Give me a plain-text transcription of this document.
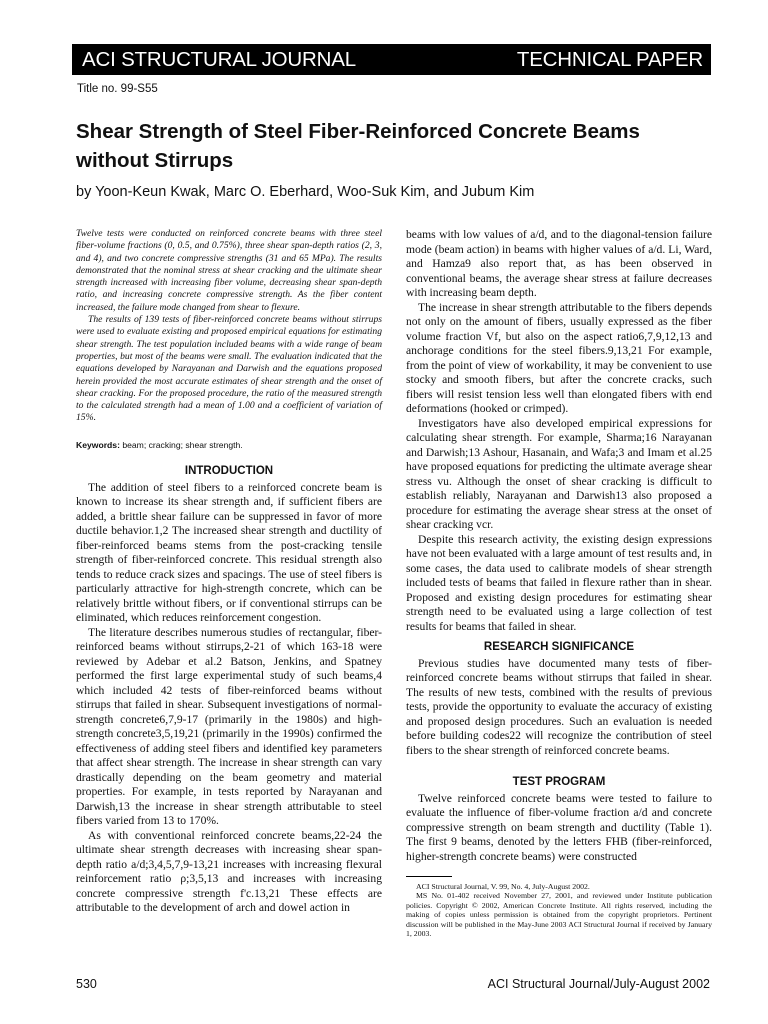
ACI STRUCTURAL JOURNAL	TECHNICAL PAPER
Title no. 99-S55
Shear Strength of Steel Fiber-Reinforced Concrete Beams without Stirrups
by Yoon-Keun Kwak, Marc O. Eberhard, Woo-Suk Kim, and Jubum Kim

Twelve tests were conducted on reinforced concrete beams with three steel fiber-volume fractions (0, 0.5, and 0.75%), three shear span-depth ratios (2, 3, and 4), and two concrete compressive strengths (31 and 65 MPa). The results demonstrated that the nominal stress at shear cracking and the ultimate shear strength increased with increasing fiber volume, decreasing shear span-depth ratio, and increasing concrete compressive strength. As the fiber content increased, the failure mode changed from shear to flexure.

The results of 139 tests of fiber-reinforced concrete beams without stirrups were used to evaluate existing and proposed empirical equations for estimating shear strength. The test population included beams with a wide range of beam properties, but most of the beams were small. The evaluation indicated that the equations developed by Narayanan and Darwish and the equations proposed herein provided the most accurate estimates of shear strength and the onset of shear cracking. For the proposed procedure, the ratio of the measured strength to the calculated strength had a mean of 1.00 and a coefficient of variation of 15%.

Keywords: beam; cracking; shear strength.
INTRODUCTION

The addition of steel fibers to a reinforced concrete beam is known to increase its shear strength and, if sufficient fibers are added, a brittle shear failure can be suppressed in favor of more ductile behavior.1,2 The increased shear strength and ductility of fiber-reinforced beams stems from the post-cracking tensile strength of fiber-reinforced concrete. This residual strength also tends to reduce crack sizes and spacings. The use of steel fibers is particularly attractive for high-strength concrete, which can be relatively brittle without fibers, or if conventional stirrups can be eliminated, which reduces reinforcement congestion.

The literature describes numerous studies of rectangular, fiber-reinforced beams without stirrups,2-21 of which 163-18 were reviewed by Adebar et al.2 Batson, Jenkins, and Spatney performed the first large experimental study of such beams,4 which included 42 tests of fiber-reinforced beams without stirrups that failed in shear. Subsequent investigations of normal-strength concrete6,7,9-17 (primarily in the 1980s) and high-strength concrete3,5,19,21 (primarily in the 1990s) confirmed the effectiveness of adding steel fibers and identified key parameters that affect shear strength. The increase in shear strength can vary drastically depending on the beam geometry and material properties. For example, in tests reported by Narayanan and Darwish,13 the increase in shear strength attributable to steel fibers varied from 13 to 170%.

As with conventional reinforced concrete beams,22-24 the ultimate shear strength decreases with increasing shear span-depth ratio a/d;3,4,5,7,9-13,21 increases with increasing flexural reinforcement ratio ρ;3,5,13 and increases with increasing concrete compressive strength f'c.13,21 These effects are attributable to the development of arch and dowel action in

beams with low values of a/d, and to the diagonal-tension failure mode (beam action) in beams with higher values of a/d. Li, Ward, and Hamza9 also report that, as has been observed in conventional beams, the average shear stress at failure decreases with increasing beam depth.

The increase in shear strength attributable to the fibers depends not only on the amount of fibers, usually expressed as the fiber volume fraction Vf, but also on the aspect ratio6,7,9,12,13 and anchorage conditions for the steel fibers.9,13,21 For example, from the point of view of workability, it may be convenient to use stocky and smooth fibers, but after the concrete cracks, such fibers will resist tension less well than elongated fibers with end deformations (hooked or crimped).

Investigators have also developed empirical expressions for calculating shear strength. For example, Sharma;16 Narayanan and Darwish;13 Ashour, Hasanain, and Wafa;3 and Imam et al.25 have proposed equations for predicting the ultimate average shear stress vu. Although the onset of shear cracking is difficult to establish reliably, Narayanan and Darwish13 also proposed a procedure for estimating the average shear stress at the onset of shear cracking vcr.

Despite this research activity, the existing design expressions have not been evaluated with a large amount of test results and, in some cases, the data used to calibrate models of shear strength included tests of beams that failed in flexure rather than in shear. Proposed and existing design procedures for estimating shear strength need to be evaluated using a large collection of test results for beams that failed in shear.

RESEARCH SIGNIFICANCE

Previous studies have documented many tests of fiber-reinforced concrete beams without stirrups that failed in shear. The results of new tests, combined with the results of previous tests, provide the opportunity to evaluate the accuracy of existing and proposed design procedures. Such an evaluation is needed before building codes22 will recognize the contribution of steel fibers to the shear strength of reinforced concrete beams.

TEST PROGRAM

Twelve reinforced concrete beams were tested to failure to evaluate the influence of fiber-volume fraction a/d and concrete compressive strength on beam strength and ductility (Table 1). The first 9 beams, denoted by the letters FHB (fiber-reinforced, higher-strength concrete beams) were constructed

ACI Structural Journal, V. 99, No. 4, July-August 2002.

MS No. 01-402 received November 27, 2001, and reviewed under Institute publication policies. Copyright © 2002, American Concrete Institute. All rights reserved, including the making of copies unless permission is obtained from the copyright proprietors. Pertinent discussion will be published in the May-June 2003 ACI Structural Journal if received by January 1, 2003.

530	ACI Structural Journal/July-August 2002
